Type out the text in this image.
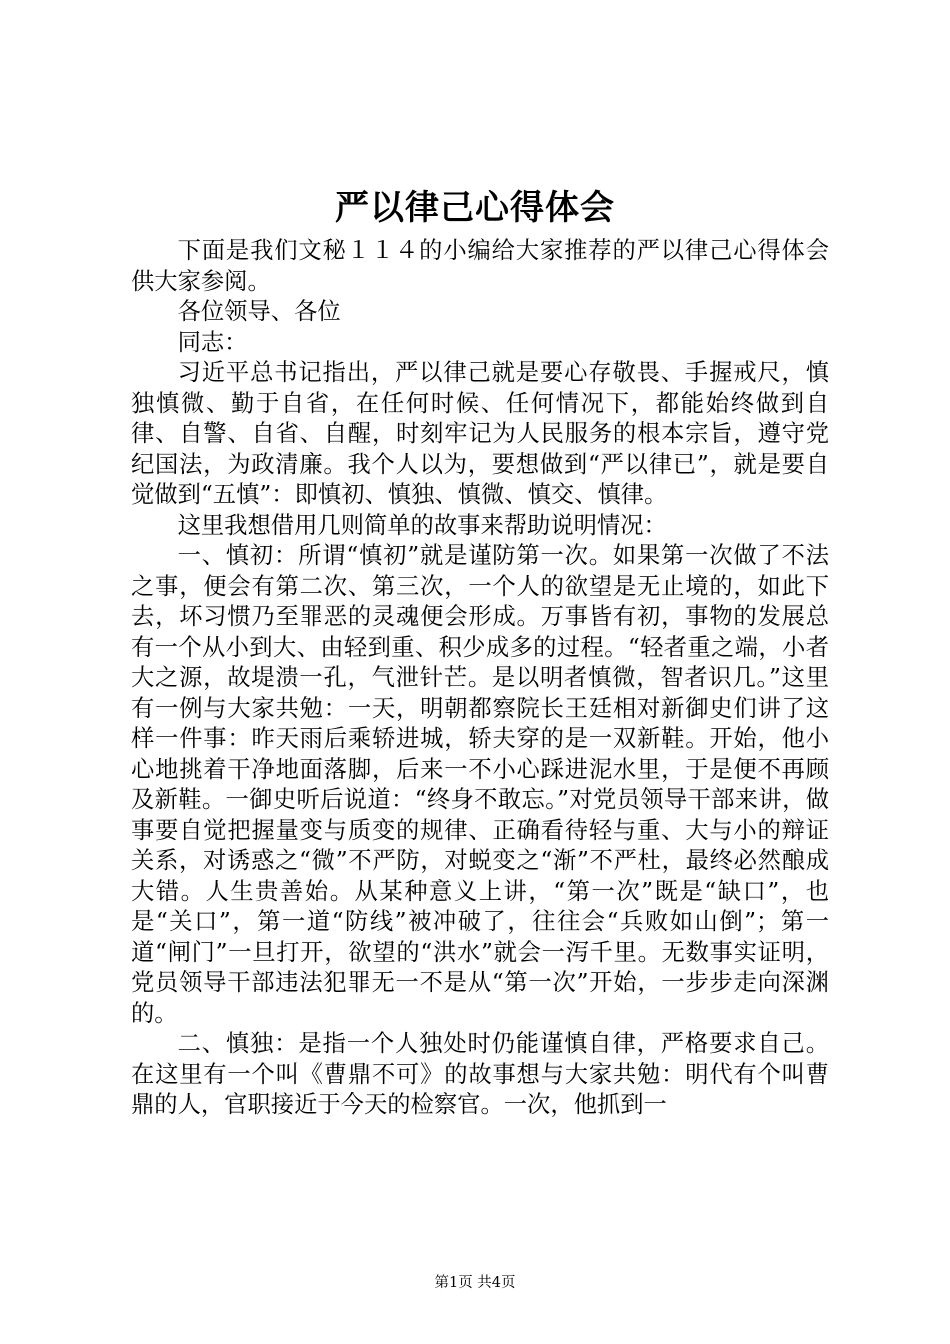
严以律己心得体会

下面是我们文秘１１４的小编给大家推荐的严以律己心得体会供大家参阅。

各位领导、各位

同志：

习近平总书记指出，严以律己就是要心存敬畏、手握戒尺，慎独慎微、勤于自省，在任何时候、任何情况下，都能始终做到自律、自警、自省、自醒，时刻牢记为人民服务的根本宗旨，遵守党纪国法，为政清廉。我个人以为，要想做到“严以律已”，就是要自觉做到“五慎”：即慎初、慎独、慎微、慎交、慎律。

这里我想借用几则简单的故事来帮助说明情况：

一、慎初：所谓“慎初”就是谨防第一次。如果第一次做了不法之事，便会有第二次、第三次，一个人的欲望是无止境的，如此下去，坏习惯乃至罪恶的灵魂便会形成。万事皆有初，事物的发展总有一个从小到大、由轻到重、积少成多的过程。“轻者重之端，小者大之源，故堤溃一孔，气泄针芒。是以明者慎微，智者识几。”这里有一例与大家共勉：一天，明朝都察院长王廷相对新御史们讲了这样一件事：昨天雨后乘轿进城，轿夫穿的是一双新鞋。开始，他小心地挑着干净地面落脚，后来一不小心踩进泥水里，于是便不再顾及新鞋。一御史听后说道：“终身不敢忘。”对党员领导干部来讲，做事要自觉把握量变与质变的规律、正确看待轻与重、大与小的辩证关系，对诱惑之“微”不严防，对蜕变之“渐”不严杜，最终必然酿成大错。人生贵善始。从某种意义上讲，“第一次”既是“缺口”，也是“关口”，第一道“防线”被冲破了，往往会“兵败如山倒”；第一道“闸门”一旦打开，欲望的“洪水”就会一泻千里。无数事实证明，党员领导干部违法犯罪无一不是从“第一次”开始，一步步走向深渊的。

二、慎独：是指一个人独处时仍能谨慎自律，严格要求自己。在这里有一个叫《曹鼎不可》的故事想与大家共勉：明代有个叫曹鼎的人，官职接近于今天的检察官。一次，他抓到一

第1页 共4页
